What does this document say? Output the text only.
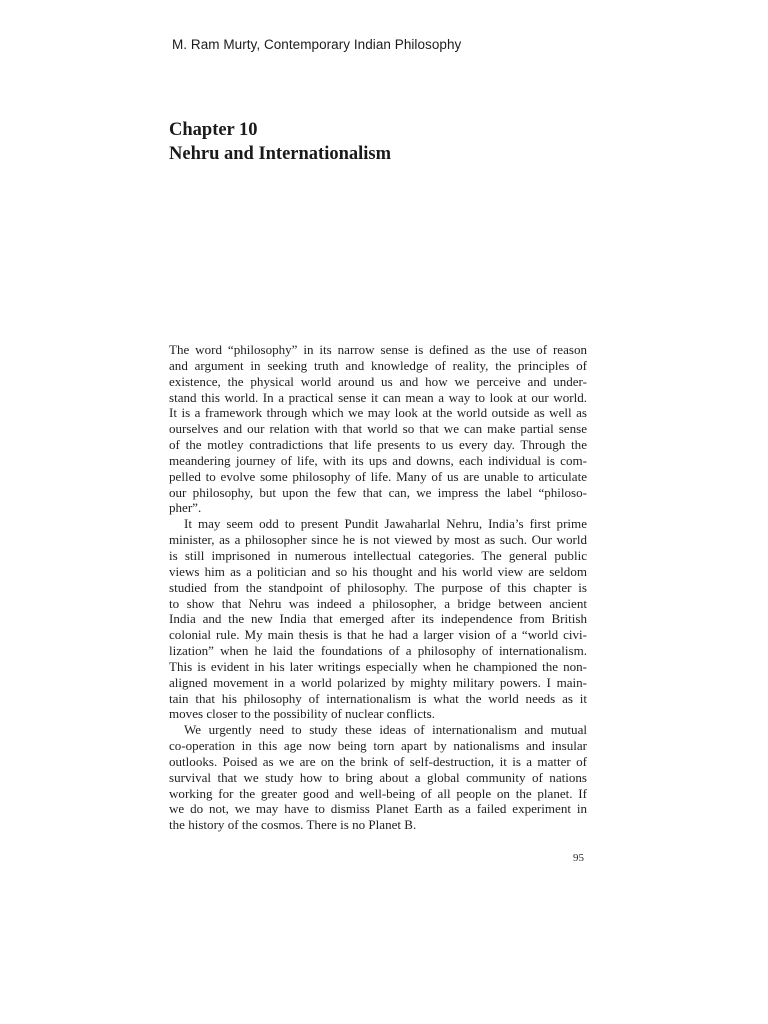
M. Ram Murty, Contemporary Indian Philosophy
Chapter 10
Nehru and Internationalism
The word “philosophy” in its narrow sense is defined as the use of reason
and argument in seeking truth and knowledge of reality, the principles of
existence, the physical world around us and how we perceive and under-
stand this world. In a practical sense it can mean a way to look at our world.
It is a framework through which we may look at the world outside as well as
ourselves and our relation with that world so that we can make partial sense
of the motley contradictions that life presents to us every day. Through the
meandering journey of life, with its ups and downs, each individual is com-
pelled to evolve some philosophy of life. Many of us are unable to articulate
our philosophy, but upon the few that can, we impress the label “philoso-
pher”.
It may seem odd to present Pundit Jawaharlal Nehru, India’s first prime
minister, as a philosopher since he is not viewed by most as such. Our world
is still imprisoned in numerous intellectual categories. The general public
views him as a politician and so his thought and his world view are seldom
studied from the standpoint of philosophy. The purpose of this chapter is
to show that Nehru was indeed a philosopher, a bridge between ancient
India and the new India that emerged after its independence from British
colonial rule. My main thesis is that he had a larger vision of a “world civi-
lization” when he laid the foundations of a philosophy of internationalism.
This is evident in his later writings especially when he championed the non-
aligned movement in a world polarized by mighty military powers. I main-
tain that his philosophy of internationalism is what the world needs as it
moves closer to the possibility of nuclear conflicts.
We urgently need to study these ideas of internationalism and mutual
co-operation in this age now being torn apart by nationalisms and insular
outlooks. Poised as we are on the brink of self-destruction, it is a matter of
survival that we study how to bring about a global community of nations
working for the greater good and well-being of all people on the planet. If
we do not, we may have to dismiss Planet Earth as a failed experiment in
the history of the cosmos. There is no Planet B.
95
